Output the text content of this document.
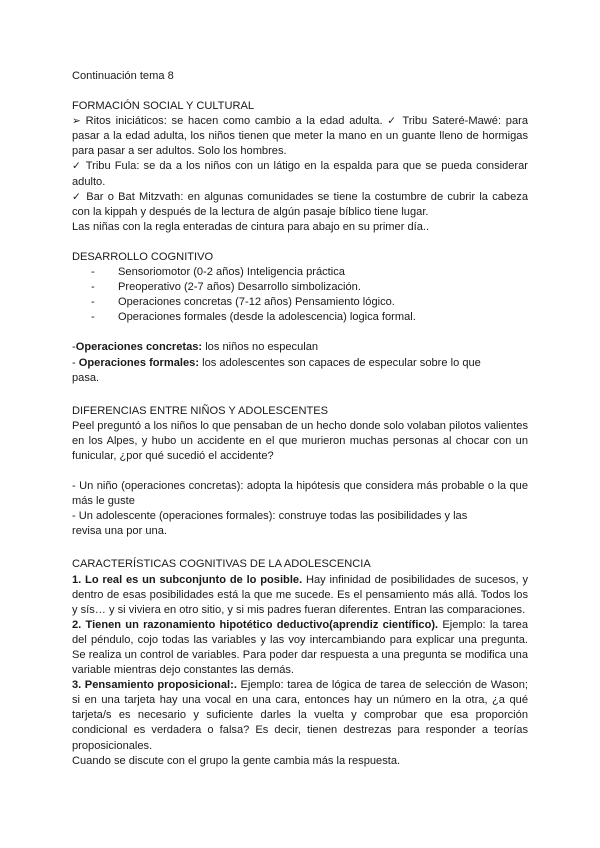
Continuación tema 8

FORMACIÓN SOCIAL Y CULTURAL

➢ Ritos iniciáticos: se hacen como cambio a la edad adulta. ✓ Tribu Sateré-Mawé: para pasar a la edad adulta, los niños tienen que meter la mano en un guante lleno de hormigas para pasar a ser adultos. Solo los hombres.

✓ Tribu Fula: se da a los niños con un látigo en la espalda para que se pueda considerar adulto.

✓ Bar o Bat Mitzvath: en algunas comunidades se tiene la costumbre de cubrir la cabeza con la kippah y después de la lectura de algún pasaje bíblico tiene lugar.

Las niñas con la regla enteradas de cintura para abajo en su primer día..

DESARROLLO COGNITIVO

- Sensoriomotor (0-2 años) Inteligencia práctica
- Preoperativo (2-7 años) Desarrollo simbolización.
- Operaciones concretas (7-12 años) Pensamiento lógico.
- Operaciones formales (desde la adolescencia) logica formal.

-Operaciones concretas: los niños no especulan

- Operaciones formales: los adolescentes son capaces de especular sobre lo que

pasa.

DIFERENCIAS ENTRE NIÑOS Y ADOLESCENTES

Peel preguntó a los niños lo que pensaban de un hecho donde solo volaban pilotos valientes en los Alpes, y hubo un accidente en el que murieron muchas personas al chocar con un funicular, ¿por qué sucedió el accidente?

- Un niño (operaciones concretas): adopta la hipótesis que considera más probable o la que más le guste

- Un adolescente (operaciones formales): construye todas las posibilidades y las

revisa una por una.

CARACTERÍSTICAS COGNITIVAS DE LA ADOLESCENCIA

1. Lo real es un subconjunto de lo posible. Hay infinidad de posibilidades de sucesos, y dentro de esas posibilidades está la que me sucede. Es el pensamiento más allá. Todos los y sís… y si viviera en otro sitio, y si mis padres fueran diferentes. Entran las comparaciones.

2. Tienen un razonamiento hipotético deductivo(aprendiz científico). Ejemplo: la tarea del péndulo, cojo todas las variables y las voy intercambiando para explicar una pregunta. Se realiza un control de variables. Para poder dar respuesta a una pregunta se modifica una variable mientras dejo constantes las demás.

3. Pensamiento proposicional:. Ejemplo: tarea de lógica de tarea de selección de Wason; si en una tarjeta hay una vocal en una cara, entonces hay un número en la otra, ¿a qué tarjeta/s es necesario y suficiente darles la vuelta y comprobar que esa proporción condicional es verdadera o falsa? Es decir, tienen destrezas para responder a teorías proposicionales.

Cuando se discute con el grupo la gente cambia más la respuesta.
